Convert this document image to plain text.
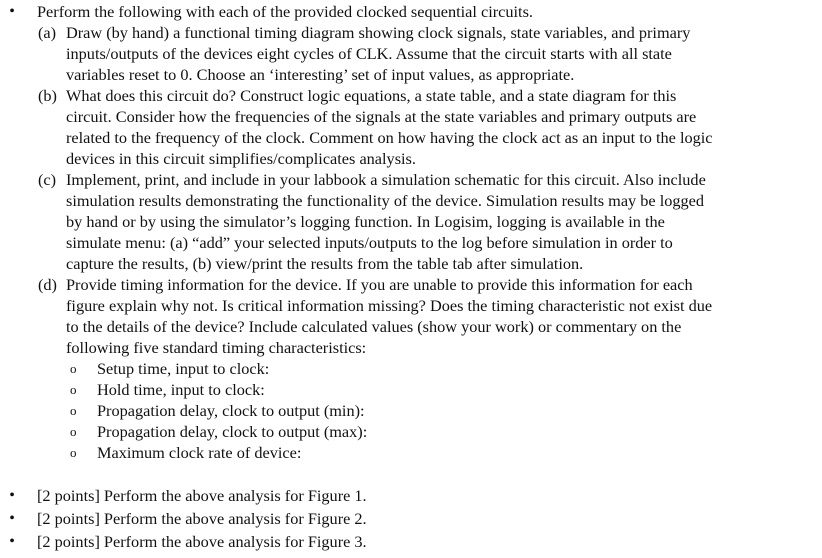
• Perform the following with each of the provided clocked sequential circuits.
(a) Draw (by hand) a functional timing diagram showing clock signals, state variables, and primary
inputs/outputs of the devices eight cycles of CLK. Assume that the circuit starts with all state
variables reset to 0. Choose an ‘interesting’ set of input values, as appropriate.
(b) What does this circuit do? Construct logic equations, a state table, and a state diagram for this
circuit. Consider how the frequencies of the signals at the state variables and primary outputs are
related to the frequency of the clock. Comment on how having the clock act as an input to the logic
devices in this circuit simplifies/complicates analysis.
(c) Implement, print, and include in your labbook a simulation schematic for this circuit. Also include
simulation results demonstrating the functionality of the device. Simulation results may be logged
by hand or by using the simulator’s logging function. In Logisim, logging is available in the
simulate menu: (a) “add” your selected inputs/outputs to the log before simulation in order to
capture the results, (b) view/print the results from the table tab after simulation.
(d) Provide timing information for the device. If you are unable to provide this information for each
figure explain why not. Is critical information missing? Does the timing characteristic not exist due
to the details of the device? Include calculated values (show your work) or commentary on the
following five standard timing characteristics:
o Setup time, input to clock:
o Hold time, input to clock:
o Propagation delay, clock to output (min):
o Propagation delay, clock to output (max):
o Maximum clock rate of device:
• [2 points] Perform the above analysis for Figure 1.
• [2 points] Perform the above analysis for Figure 2.
• [2 points] Perform the above analysis for Figure 3.
